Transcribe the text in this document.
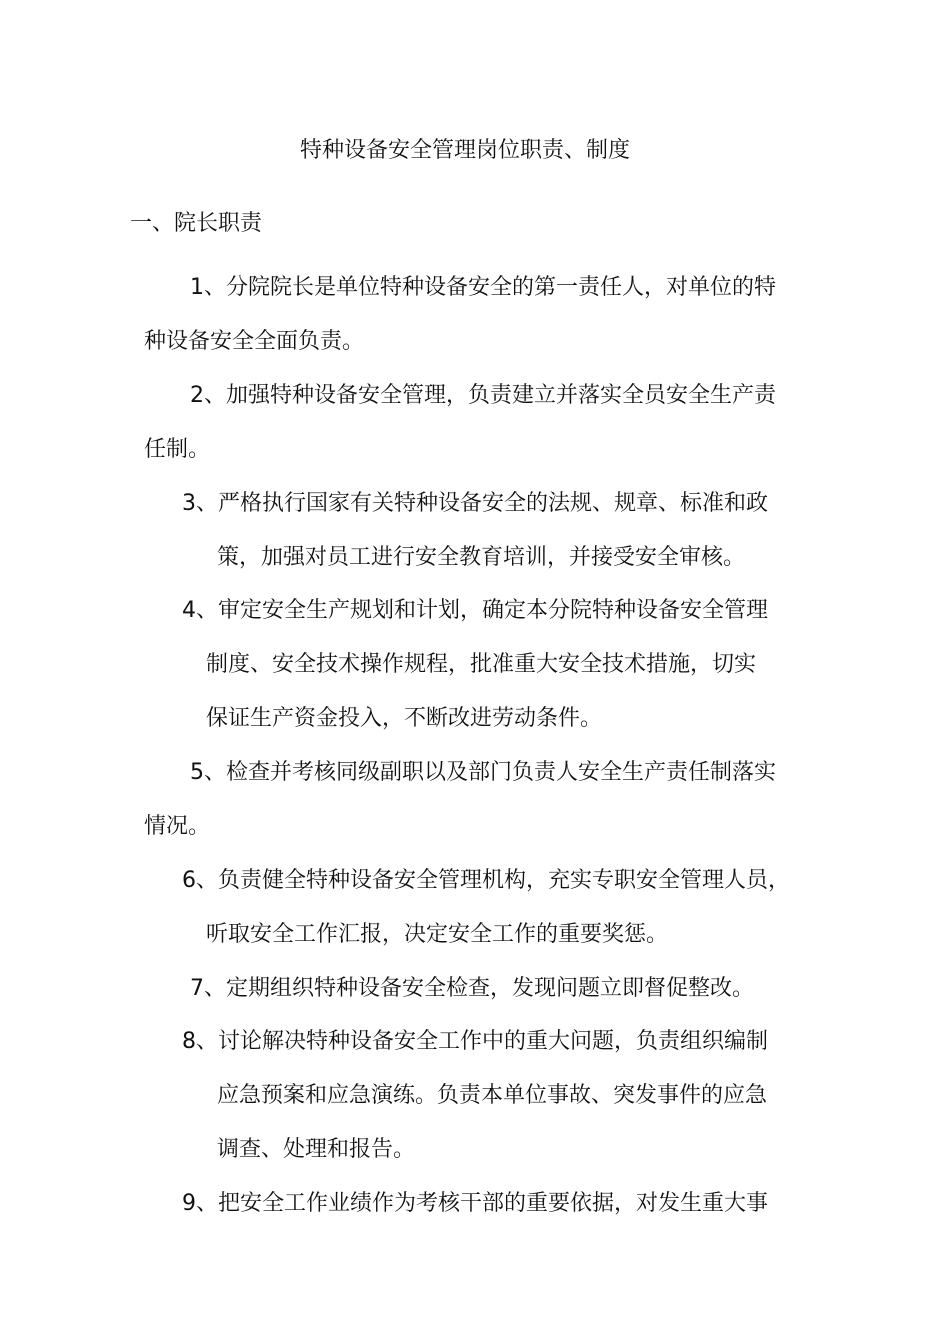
特种设备安全管理岗位职责、制度
一、院长职责
1、分院院长是单位特种设备安全的第一责任人，对单位的特
种设备安全全面负责。
2、加强特种设备安全管理，负责建立并落实全员安全生产责
任制。
3、严格执行国家有关特种设备安全的法规、规章、标准和政
策，加强对员工进行安全教育培训，并接受安全审核。
4、审定安全生产规划和计划，确定本分院特种设备安全管理
制度、安全技术操作规程，批准重大安全技术措施，切实
保证生产资金投入，不断改进劳动条件。
5、检查并考核同级副职以及部门负责人安全生产责任制落实
情况。
6、负责健全特种设备安全管理机构，充实专职安全管理人员，
听取安全工作汇报，决定安全工作的重要奖惩。
7、定期组织特种设备安全检查，发现问题立即督促整改。
8、讨论解决特种设备安全工作中的重大问题，负责组织编制
应急预案和应急演练。负责本单位事故、突发事件的应急
调查、处理和报告。
9、把安全工作业绩作为考核干部的重要依据，对发生重大事
